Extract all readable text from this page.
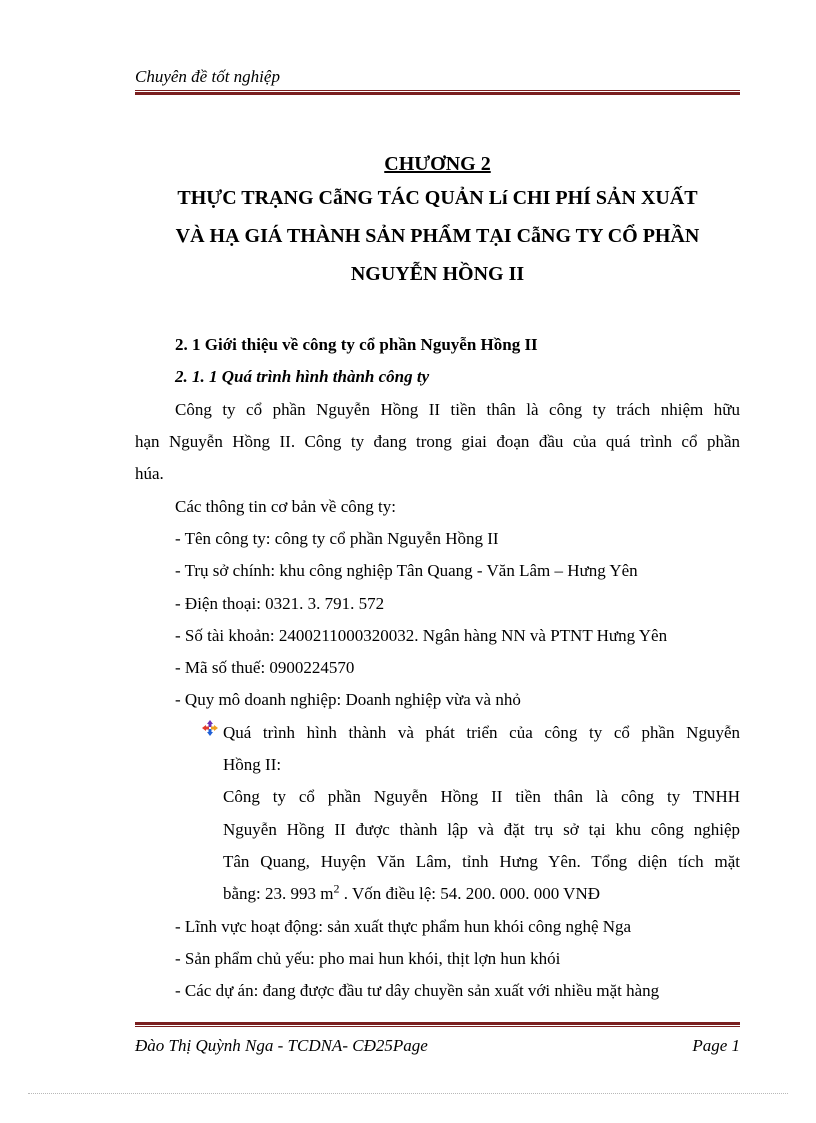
Chuyên đề tốt nghiệp
CHƯƠNG 2
THỰC TRẠNG CẫNG TÁC QUẢN Lí CHI PHÍ SẢN XUẤT
VÀ HẠ GIÁ THÀNH SẢN PHẨM TẠI CẫNG TY CỔ PHẦN
NGUYỄN HỒNG II
2. 1 Giới thiệu về công ty cổ phần Nguyễn Hồng II
2. 1. 1 Quá trình hình thành công ty
Công ty cổ phần Nguyễn Hồng II tiền thân là công ty trách nhiệm hữu
hạn Nguyễn Hồng II. Công ty đang trong giai đoạn đầu của quá trình cổ phần
húa.
Các thông tin cơ bản về công ty:
- Tên công ty: công ty cổ phần Nguyễn Hồng II
- Trụ sở chính: khu công nghiệp Tân Quang - Văn Lâm – Hưng Yên
- Điện thoại: 0321. 3. 791. 572
- Số tài khoản: 2400211000320032. Ngân hàng NN và PTNT Hưng Yên
- Mã số thuế: 0900224570
- Quy mô doanh nghiệp: Doanh nghiệp vừa và nhỏ
Quá trình hình thành và phát triển của công ty cổ phần Nguyễn
Hồng II:
Công ty cổ phần Nguyễn Hồng II tiền thân là công ty TNHH
Nguyễn Hồng II được thành lập và đặt trụ sở tại khu công nghiệp
Tân Quang, Huyện Văn Lâm, tỉnh Hưng Yên. Tổng diện tích mặt
bằng: 23. 993 $m^2$ . Vốn điều lệ: 54. 200. 000. 000 VNĐ
- Lĩnh vực hoạt động: sản xuất thực phẩm hun khói công nghệ Nga
- Sản phẩm chủ yếu: pho mai hun khói, thịt lợn hun khói
- Các dự án: đang được đầu tư dây chuyền sản xuất với nhiều mặt hàng
Đào Thị Quỳnh Nga - TCDNA- CĐ25Page	Page 1
